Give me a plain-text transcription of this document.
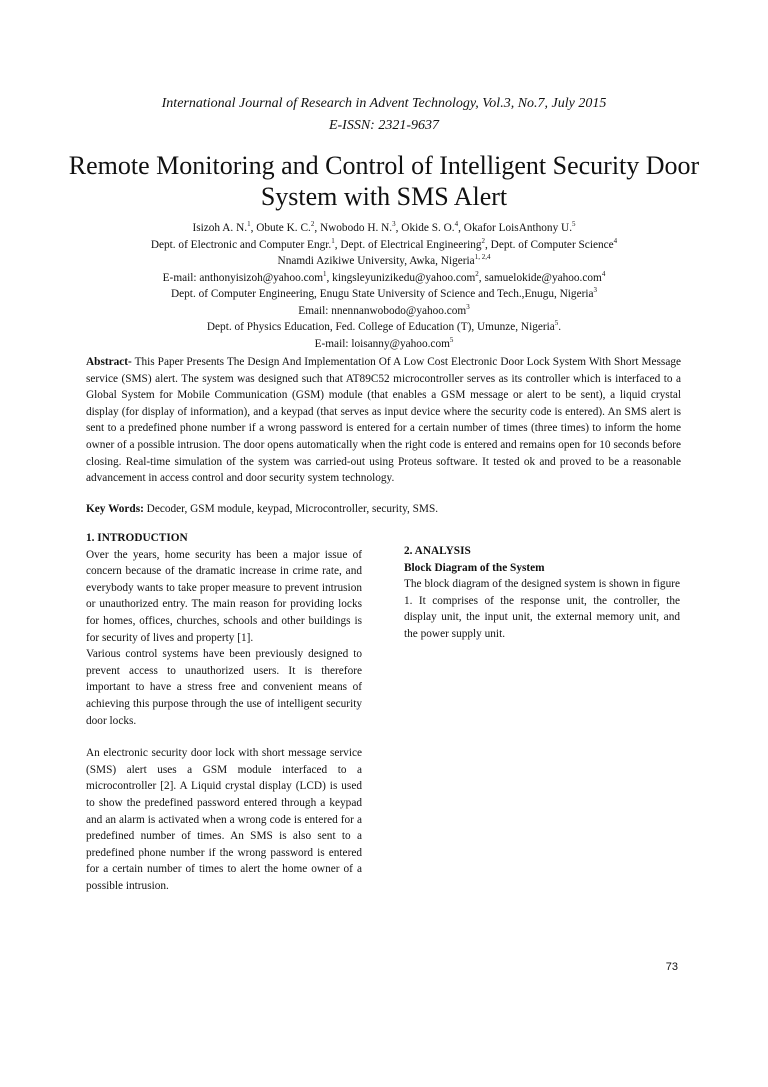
International Journal of Research in Advent Technology, Vol.3, No.7, July 2015
E-ISSN: 2321-9637
Remote Monitoring and Control of Intelligent Security Door System with SMS Alert
Isizoh A. N.$^1$, Obute K. C.$^2$, Nwobodo H. N.$^3$, Okide S. O.$^4$, Okafor LoisAnthony U.$^5$
Dept. of Electronic and Computer Engr.$^1$, Dept. of Electrical Engineering$^2$, Dept. of Computer Science$^4$
Nnamdi Azikiwe University, Awka, Nigeria$^{1, 2,4}$
E-mail: anthonyisizoh@yahoo.com$^1$, kingsleyunizikedu@yahoo.com$^2$, samuelokide@yahoo.com$^4$
Dept. of Computer Engineering, Enugu State University of Science and Tech.,Enugu, Nigeria$^3$
Email: nnennanwobodo@yahoo.com$^3$
Dept. of Physics Education, Fed. College of Education (T), Umunze, Nigeria$^5$.
E-mail: loisanny@yahoo.com$^5$
Abstract- This Paper Presents The Design And Implementation Of A Low Cost Electronic Door Lock System With Short Message service (SMS) alert. The system was designed such that AT89C52 microcontroller serves as its controller which is interfaced to a Global System for Mobile Communication (GSM) module (that enables a GSM message or alert to be sent), a liquid crystal display (for display of information), and a keypad (that serves as input device where the security code is entered). An SMS alert is sent to a predefined phone number if a wrong password is entered for a certain number of times (three times) to inform the home owner of a possible intrusion. The door opens automatically when the right code is entered and remains open for 10 seconds before closing. Real-time simulation of the system was carried-out using Proteus software. It tested ok and proved to be a reasonable advancement in access control and door security system technology.
Key Words: Decoder, GSM module, keypad, Microcontroller, security, SMS.

1. INTRODUCTION

Over the years, home security has been a major issue of concern because of the dramatic increase in crime rate, and everybody wants to take proper measure to prevent intrusion or unauthorized entry. The main reason for providing locks for homes, offices, churches, schools and other buildings is for security of lives and property [1].

Various control systems have been previously designed to prevent access to unauthorized users. It is therefore important to have a stress free and convenient means of achieving this purpose through the use of intelligent security door locks.

An electronic security door lock with short message service (SMS) alert uses a GSM module interfaced to a microcontroller [2]. A Liquid crystal display (LCD) is used to show the predefined password entered through a keypad and an alarm is activated when a wrong code is entered for a predefined number of times. An SMS is also sent to a predefined phone number if the wrong password is entered for a certain number of times to alert the home owner of a possible intrusion.

2. ANALYSIS

Block Diagram of the System

The block diagram of the designed system is shown in figure 1. It comprises of the response unit, the controller, the display unit, the input unit, the external memory unit, and the power supply unit.

73
